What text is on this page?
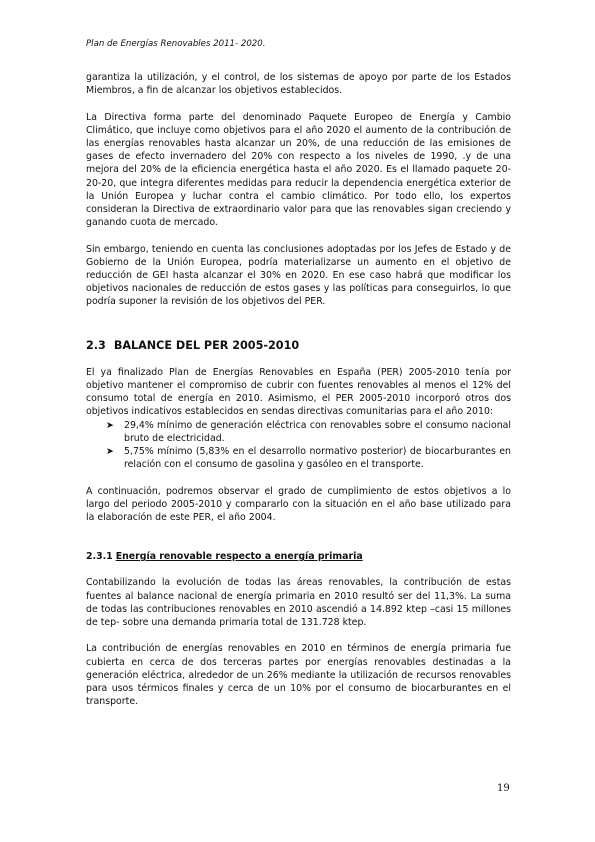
Plan de Energías Renovables 2011- 2020.

garantiza la utilización, y el control, de los sistemas de apoyo por parte de los Estados Miembros, a fin de alcanzar los objetivos establecidos.

La Directiva forma parte del denominado Paquete Europeo de Energía y Cambio Climático, que incluye como objetivos para el año 2020 el aumento de la contribución de las energías renovables hasta alcanzar un 20%, de una reducción de las emisiones de gases de efecto invernadero del 20% con respecto a los niveles de 1990, .y de una mejora del 20% de la eficiencia energética hasta el año 2020. Es el llamado paquete 20-20-20, que integra diferentes medidas para reducir la dependencia energética exterior de la Unión Europea y luchar contra el cambio climático. Por todo ello, los expertos consideran la Directiva de extraordinario valor para que las renovables sigan creciendo y ganando cuota de mercado.

Sin embargo, teniendo en cuenta las conclusiones adoptadas por los Jefes de Estado y de Gobierno de la Unión Europea, podría materializarse un aumento en el objetivo de reducción de GEI hasta alcanzar el 30% en 2020. En ese caso habrá que modificar los objetivos nacionales de reducción de estos gases y las políticas para conseguirlos, lo que podría suponer la revisión de los objetivos del PER.

2.3 BALANCE DEL PER 2005-2010

El ya finalizado Plan de Energías Renovables en España (PER) 2005-2010 tenía por objetivo mantener el compromiso de cubrir con fuentes renovables al menos el 12% del consumo total de energía en 2010. Asimismo, el PER 2005-2010 incorporó otros dos objetivos indicativos establecidos en sendas directivas comunitarias para el año 2010:

➤ 29,4% mínimo de generación eléctrica con renovables sobre el consumo nacional bruto de electricidad.
➤ 5,75% mínimo (5,83% en el desarrollo normativo posterior) de biocarburantes en relación con el consumo de gasolina y gasóleo en el transporte.

A continuación, podremos observar el grado de cumplimiento de estos objetivos a lo largo del periodo 2005-2010 y compararlo con la situación en el año base utilizado para la elaboración de este PER, el año 2004.

2.3.1 Energía renovable respecto a energía primaria

Contabilizando la evolución de todas las áreas renovables, la contribución de estas fuentes al balance nacional de energía primaria en 2010 resultó ser del 11,3%. La suma de todas las contribuciones renovables en 2010 ascendió a 14.892 ktep –casi 15 millones de tep- sobre una demanda primaria total de 131.728 ktep.

La contribución de energías renovables en 2010 en términos de energía primaria fue cubierta en cerca de dos terceras partes por energías renovables destinadas a la generación eléctrica, alrededor de un 26% mediante la utilización de recursos renovables para usos térmicos finales y cerca de un 10% por el consumo de biocarburantes en el transporte.

19
